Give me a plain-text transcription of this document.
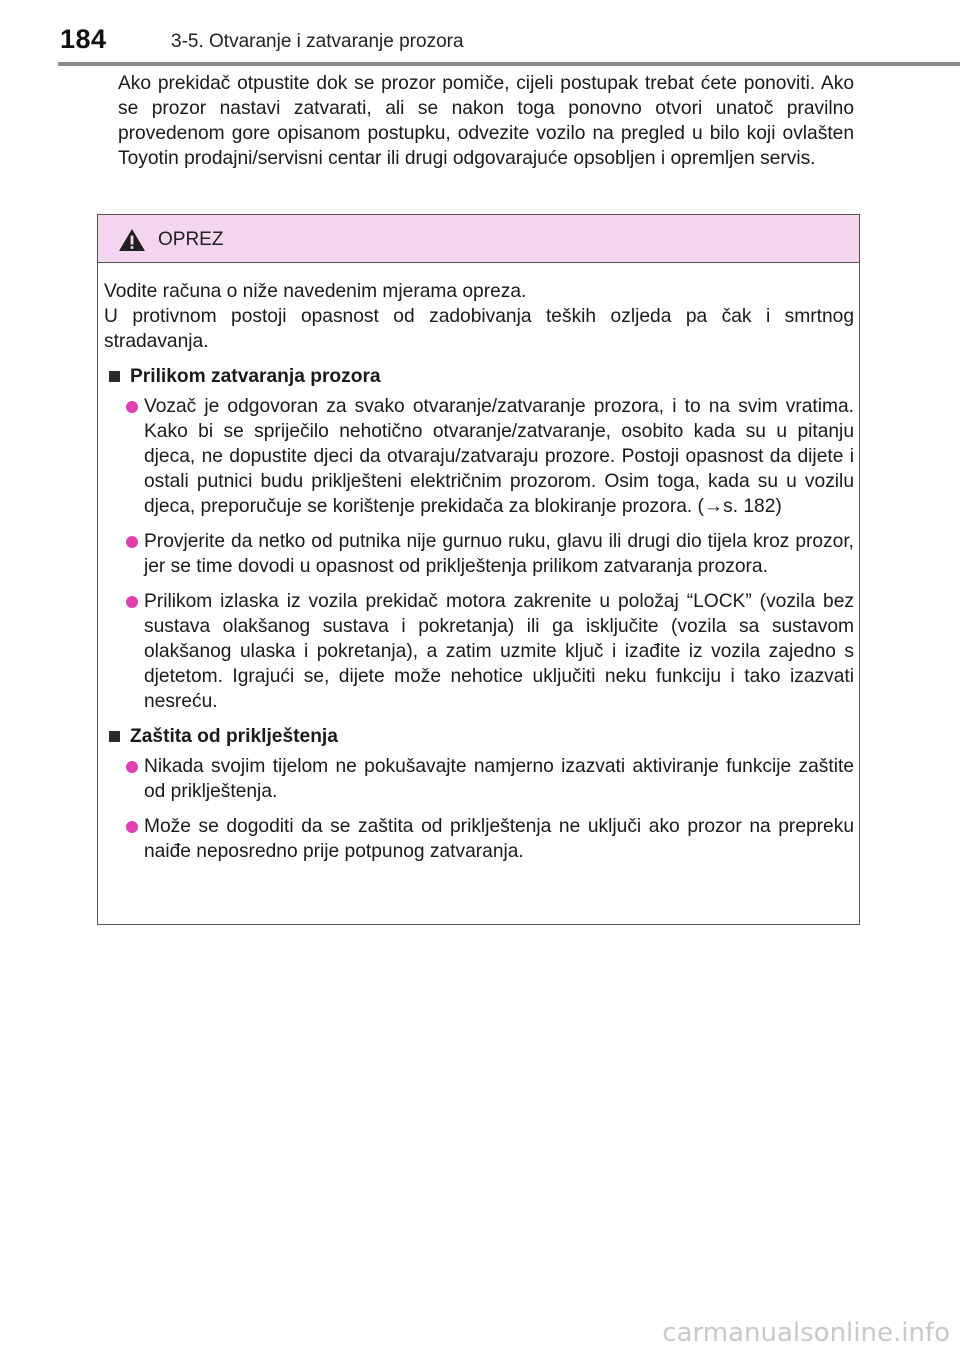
184	3-5. Otvaranje i zatvaranje prozora

Ako prekidač otpustite dok se prozor pomiče, cijeli postupak trebat ćete ponoviti. Ako se prozor nastavi zatvarati, ali se nakon toga ponovno otvori unatoč pravilno provedenom gore opisanom postupku, odvezite vozilo na pregled u bilo koji ovlašten Toyotin prodajni/servisni centar ili drugi odgovarajuće opsobljen i opremljen servis.

OPREZ

Vodite računa o niže navedenim mjerama opreza.

U protivnom postoji opasnost od zadobivanja teških ozljeda pa čak i smrtnog stradavanja.

Prilikom zatvaranja prozora
Vozač je odgovoran za svako otvaranje/zatvaranje prozora, i to na svim vratima. Kako bi se spriječilo nehotično otvaranje/zatvaranje, osobito kada su u pitanju djeca, ne dopustite djeci da otvaraju/zatvaraju prozore. Postoji opasnost da dijete i ostali putnici budu priklješteni električnim prozorom. Osim toga, kada su u vozilu djeca, preporučuje se korištenje prekidača za blokiranje prozora. (→s. 182)
Provjerite da netko od putnika nije gurnuo ruku, glavu ili drugi dio tijela kroz prozor, jer se time dovodi u opasnost od priklještenja prilikom zatvaranja prozora.
Prilikom izlaska iz vozila prekidač motora zakrenite u položaj “LOCK” (vozila bez sustava olakšanog sustava i pokretanja) ili ga isključite (vozila sa sustavom olakšanog ulaska i pokretanja), a zatim uzmite ključ i izađite iz vozila zajedno s djetetom. Igrajući se, dijete može nehotice uključiti neku funkciju i tako izazvati nesreću.
Zaštita od priklještenja
Nikada svojim tijelom ne pokušavajte namjerno izazvati aktiviranje funkcije zaštite od priklještenja.
Može se dogoditi da se zaštita od priklještenja ne uključi ako prozor na prepreku naiđe neposredno prije potpunog zatvaranja.
carmanualsonline.info
